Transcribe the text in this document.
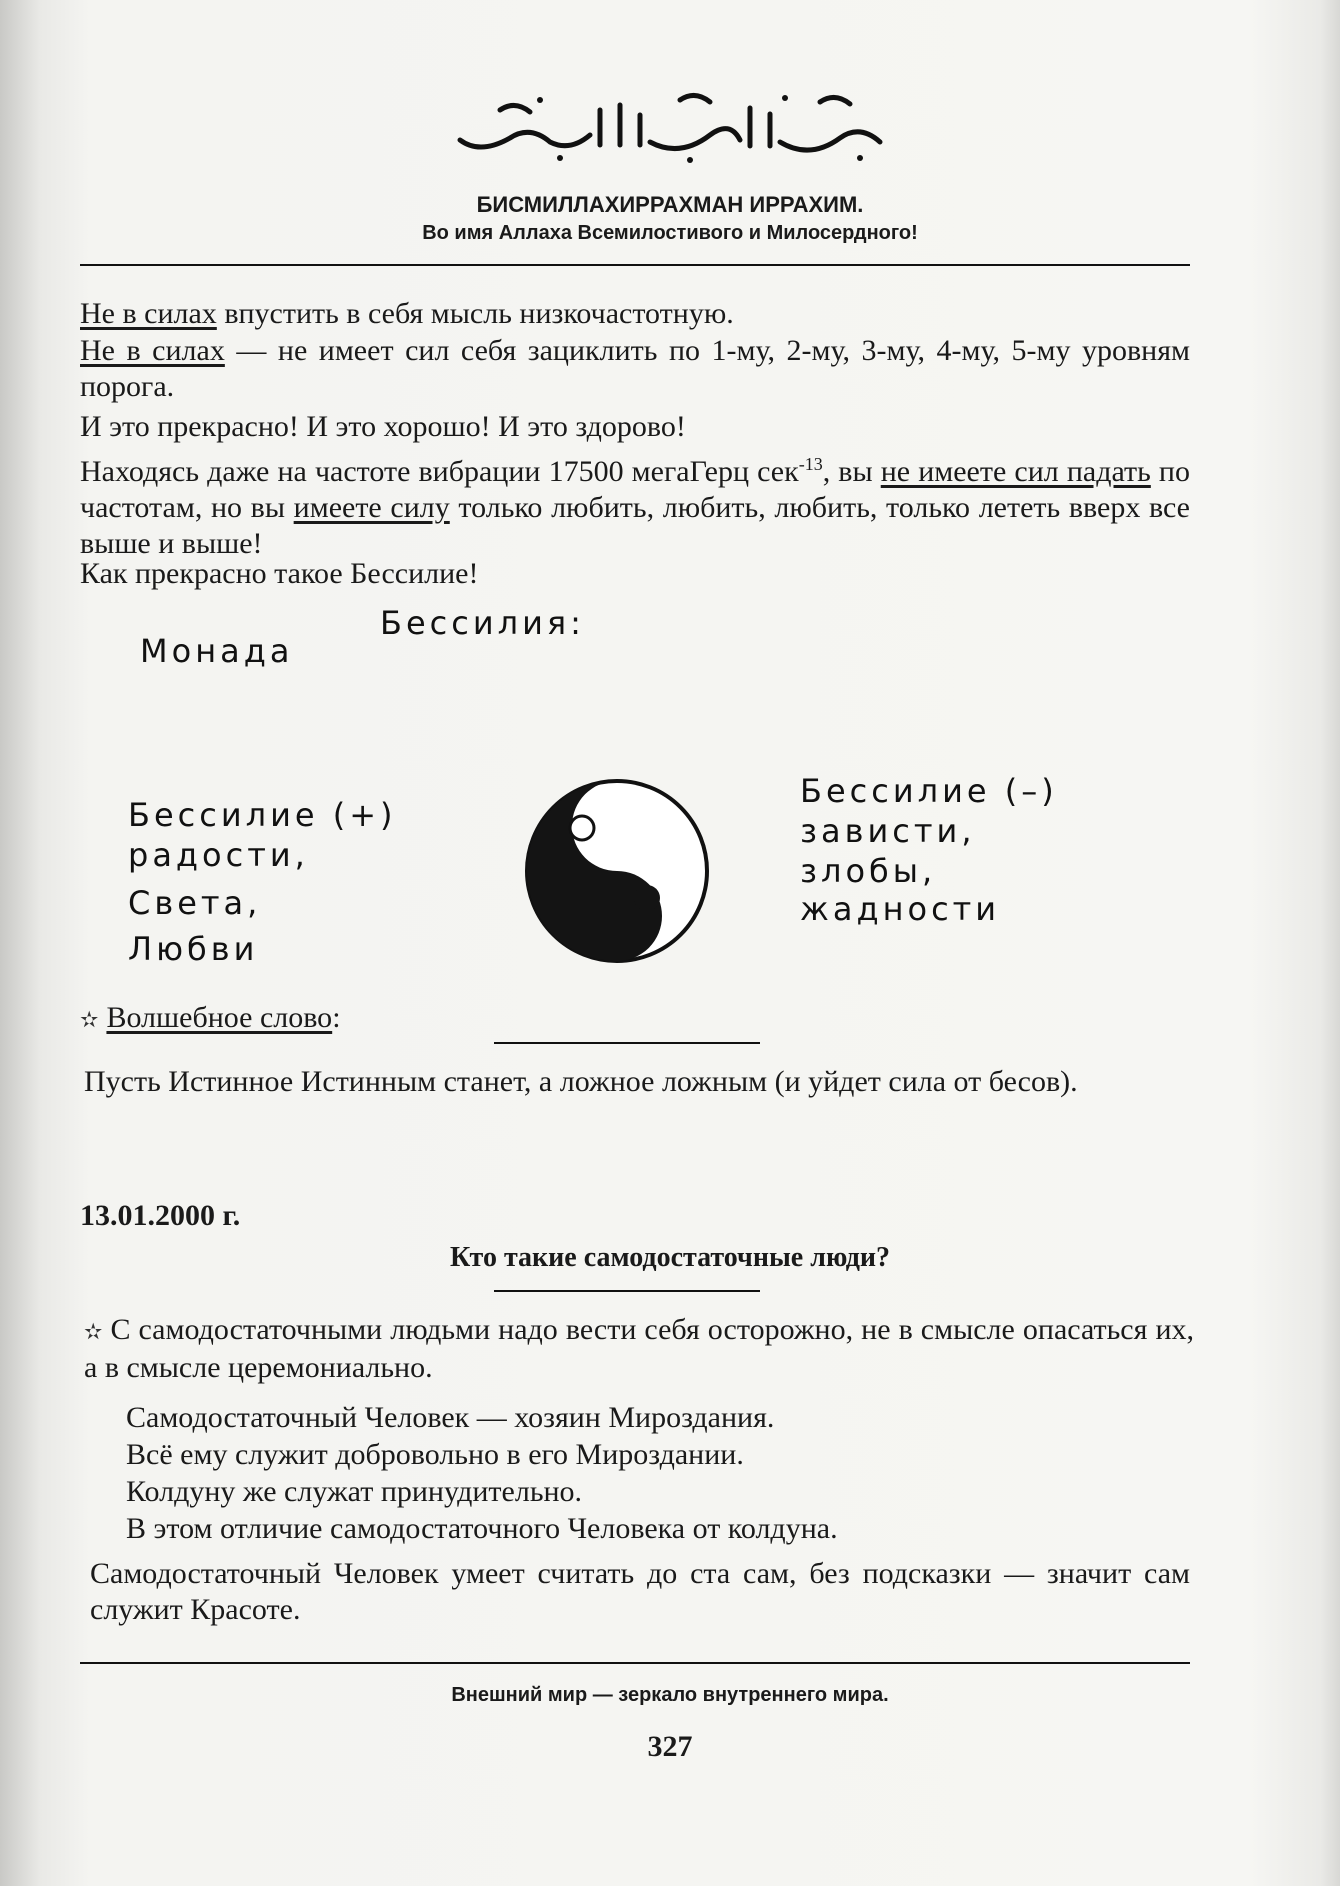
БИСМИЛЛАХИРРАХМАН ИРРАХИМ.
Во имя Аллаха Всемилостивого и Милосердного!
Не в силах впустить в себя мысль низкочастотную.
Не в силах — не имеет сил себя зациклить по 1-му, 2-му, 3-му, 4-му, 5-му уровням порога.
И это прекрасно! И это хорошо! И это здорово!
Находясь даже на частоте вибрации 17500 мегаГерц сек$^{-13}$, вы не имеете сил падать по частотам, но вы имеете силу только любить, любить, любить, только лететь вверх все выше и выше!
Как прекрасно такое Бессилие!
Монада
Бессилия:
Бессилие (+)
радости,
Света,
Любви
Бессилие (–)
зависти,
злобы,
жадности
✫ Волшебное слово:
Пусть Истинное Истинным станет, а ложное ложным (и уйдет сила от бесов).
13.01.2000 г.
Кто такие самодостаточные люди?
✫ С самодостаточными людьми надо вести себя осторожно, не в смысле опасаться их, а в смысле церемониально.
Самодостаточный Человек — хозяин Мироздания.
Всё ему служит добровольно в его Мироздании.
Колдуну же служат принудительно.
В этом отличие самодостаточного Человека от колдуна.
Самодостаточный Человек умеет считать до ста сам, без подсказки — значит сам служит Красоте.
Внешний мир — зеркало внутреннего мира.
327
